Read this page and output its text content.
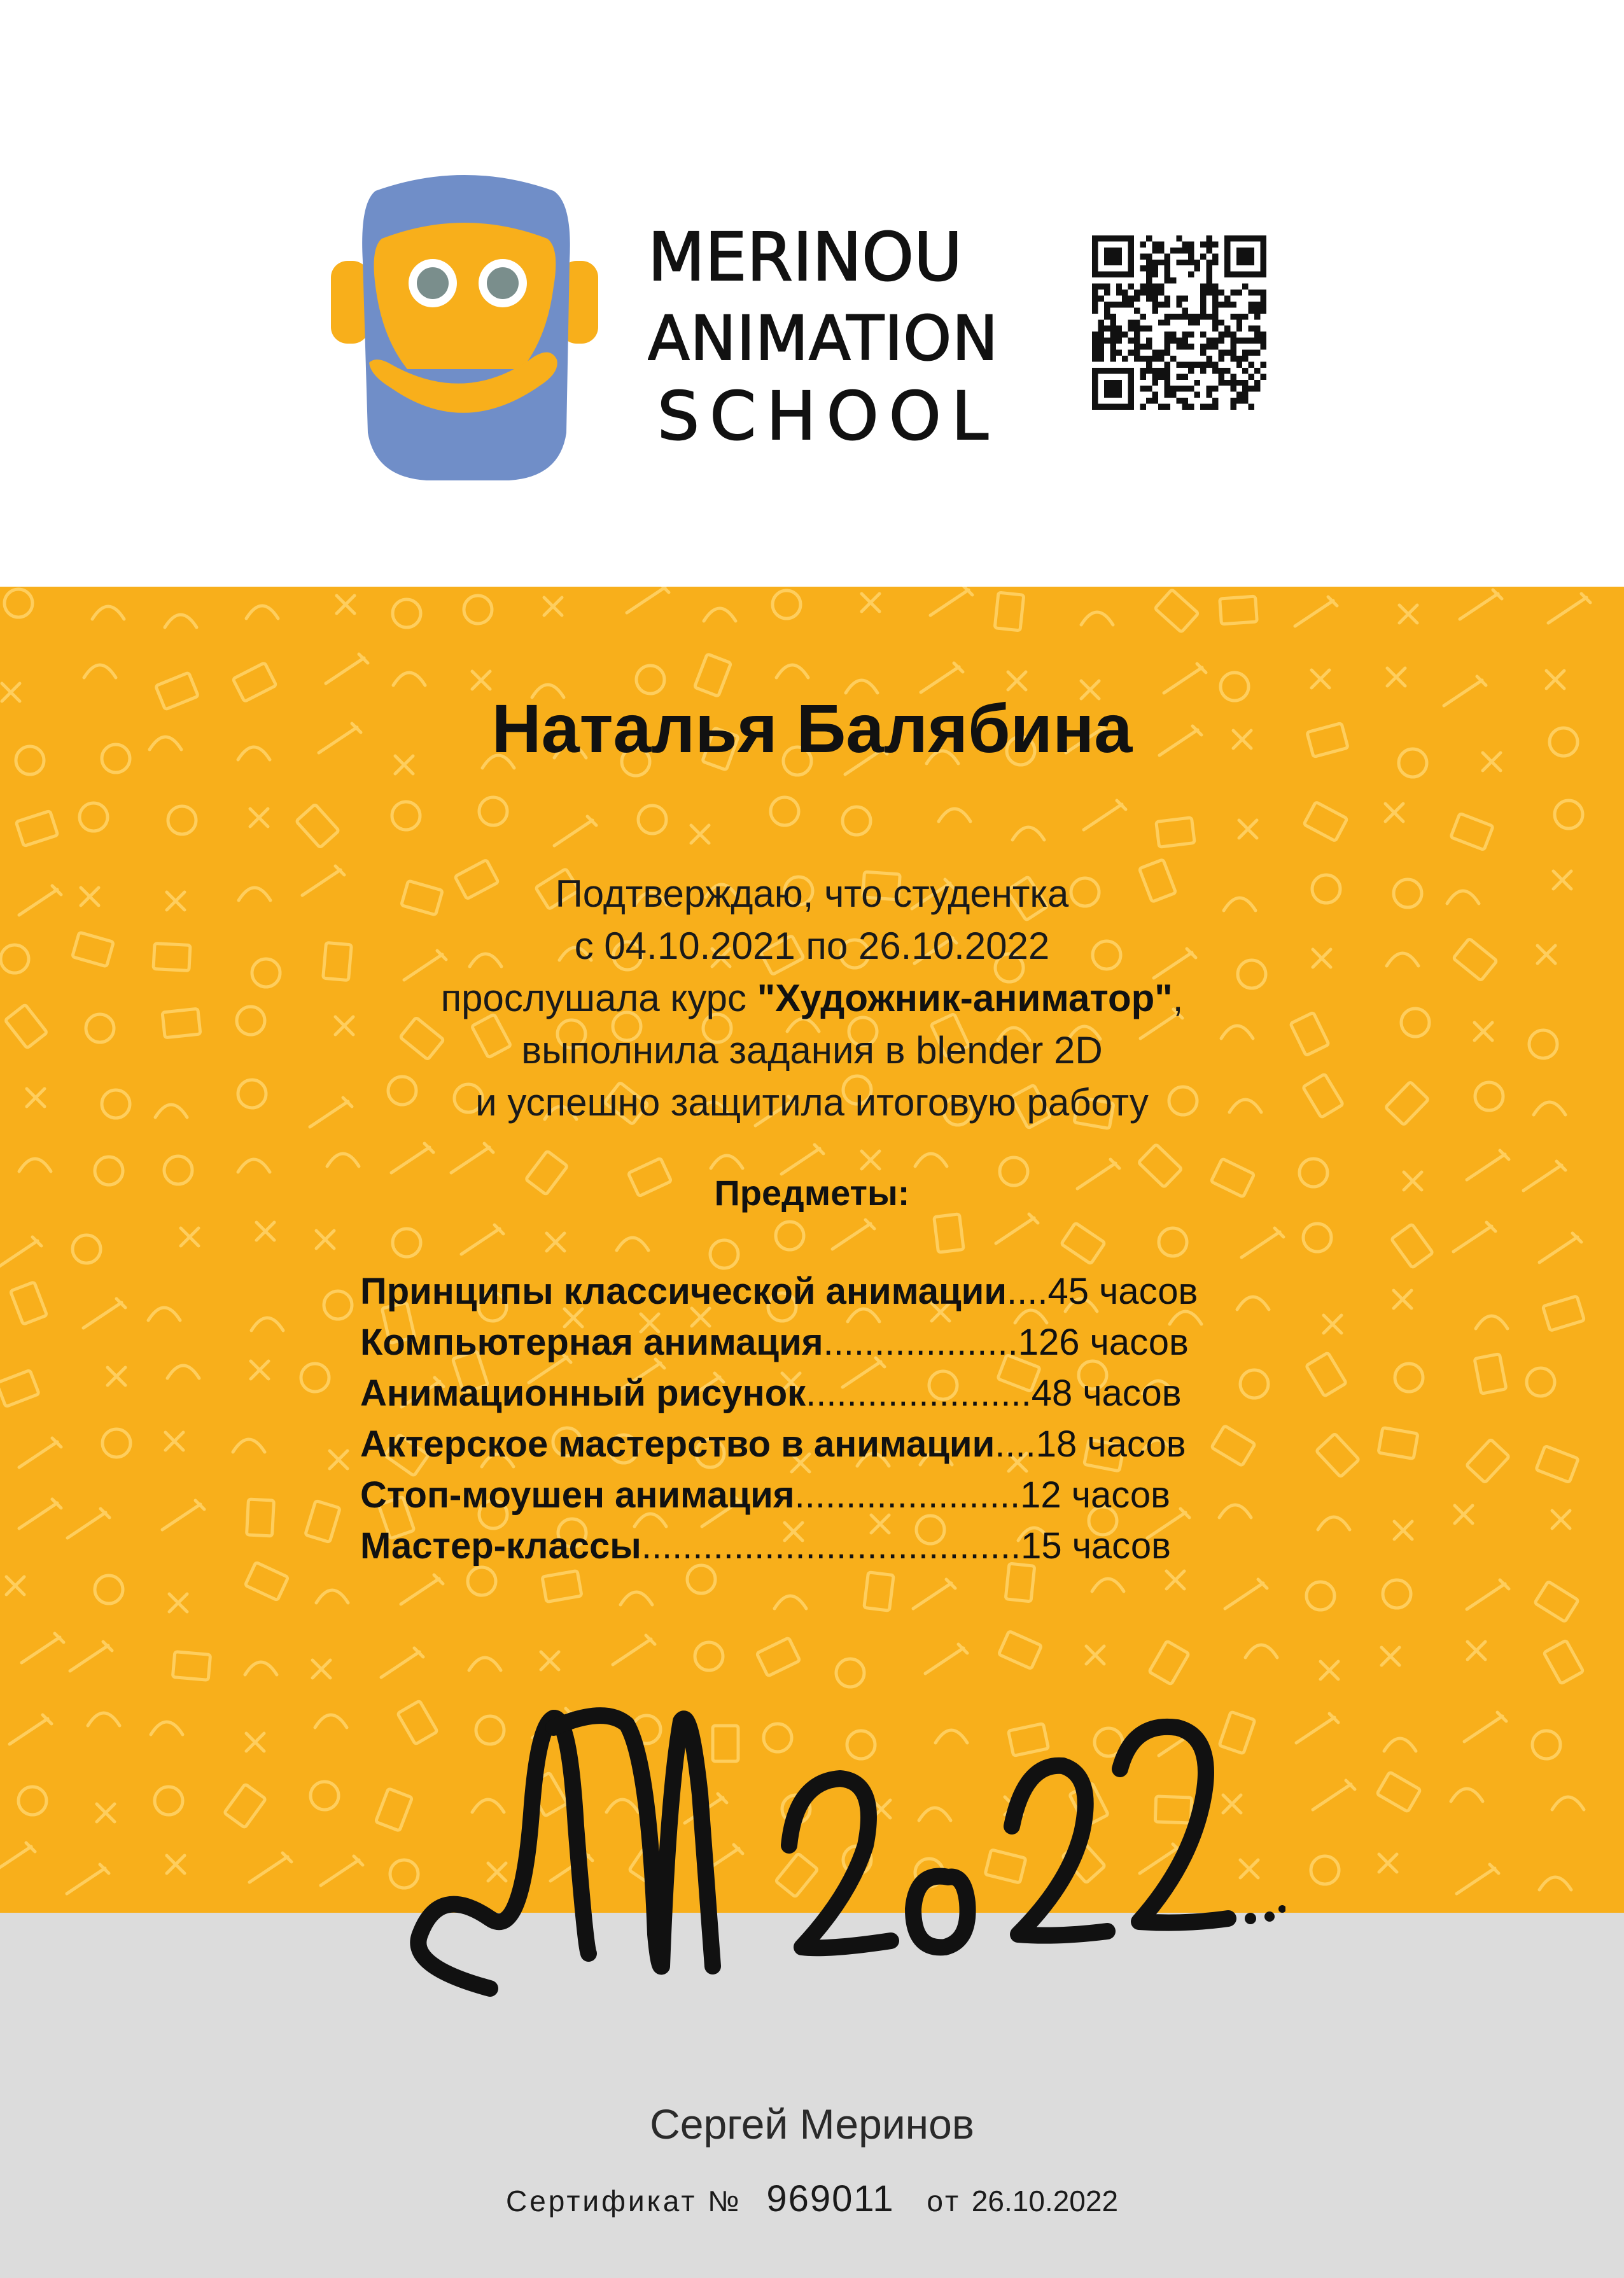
MERINOU
ANIMATION
SCHOOL
Наталья Балябина
Подтверждаю, что студентка
с 04.10.2021 по 26.10.2022
прослушала курс "Художник-аниматор",
выполнила задания в blender 2D
и успешно защитила итоговую работу
Предметы:
Принципы классической анимации....45 часов
Компьютерная анимация...................126 часов
Анимационный рисунок......................48 часов
Актерское мастерство в анимации....18 часов
Стоп-моушен анимация......................12 часов
Мастер-классы.....................................15 часов
Сергей Меринов
Сертификат № 969011 от 26.10.2022
